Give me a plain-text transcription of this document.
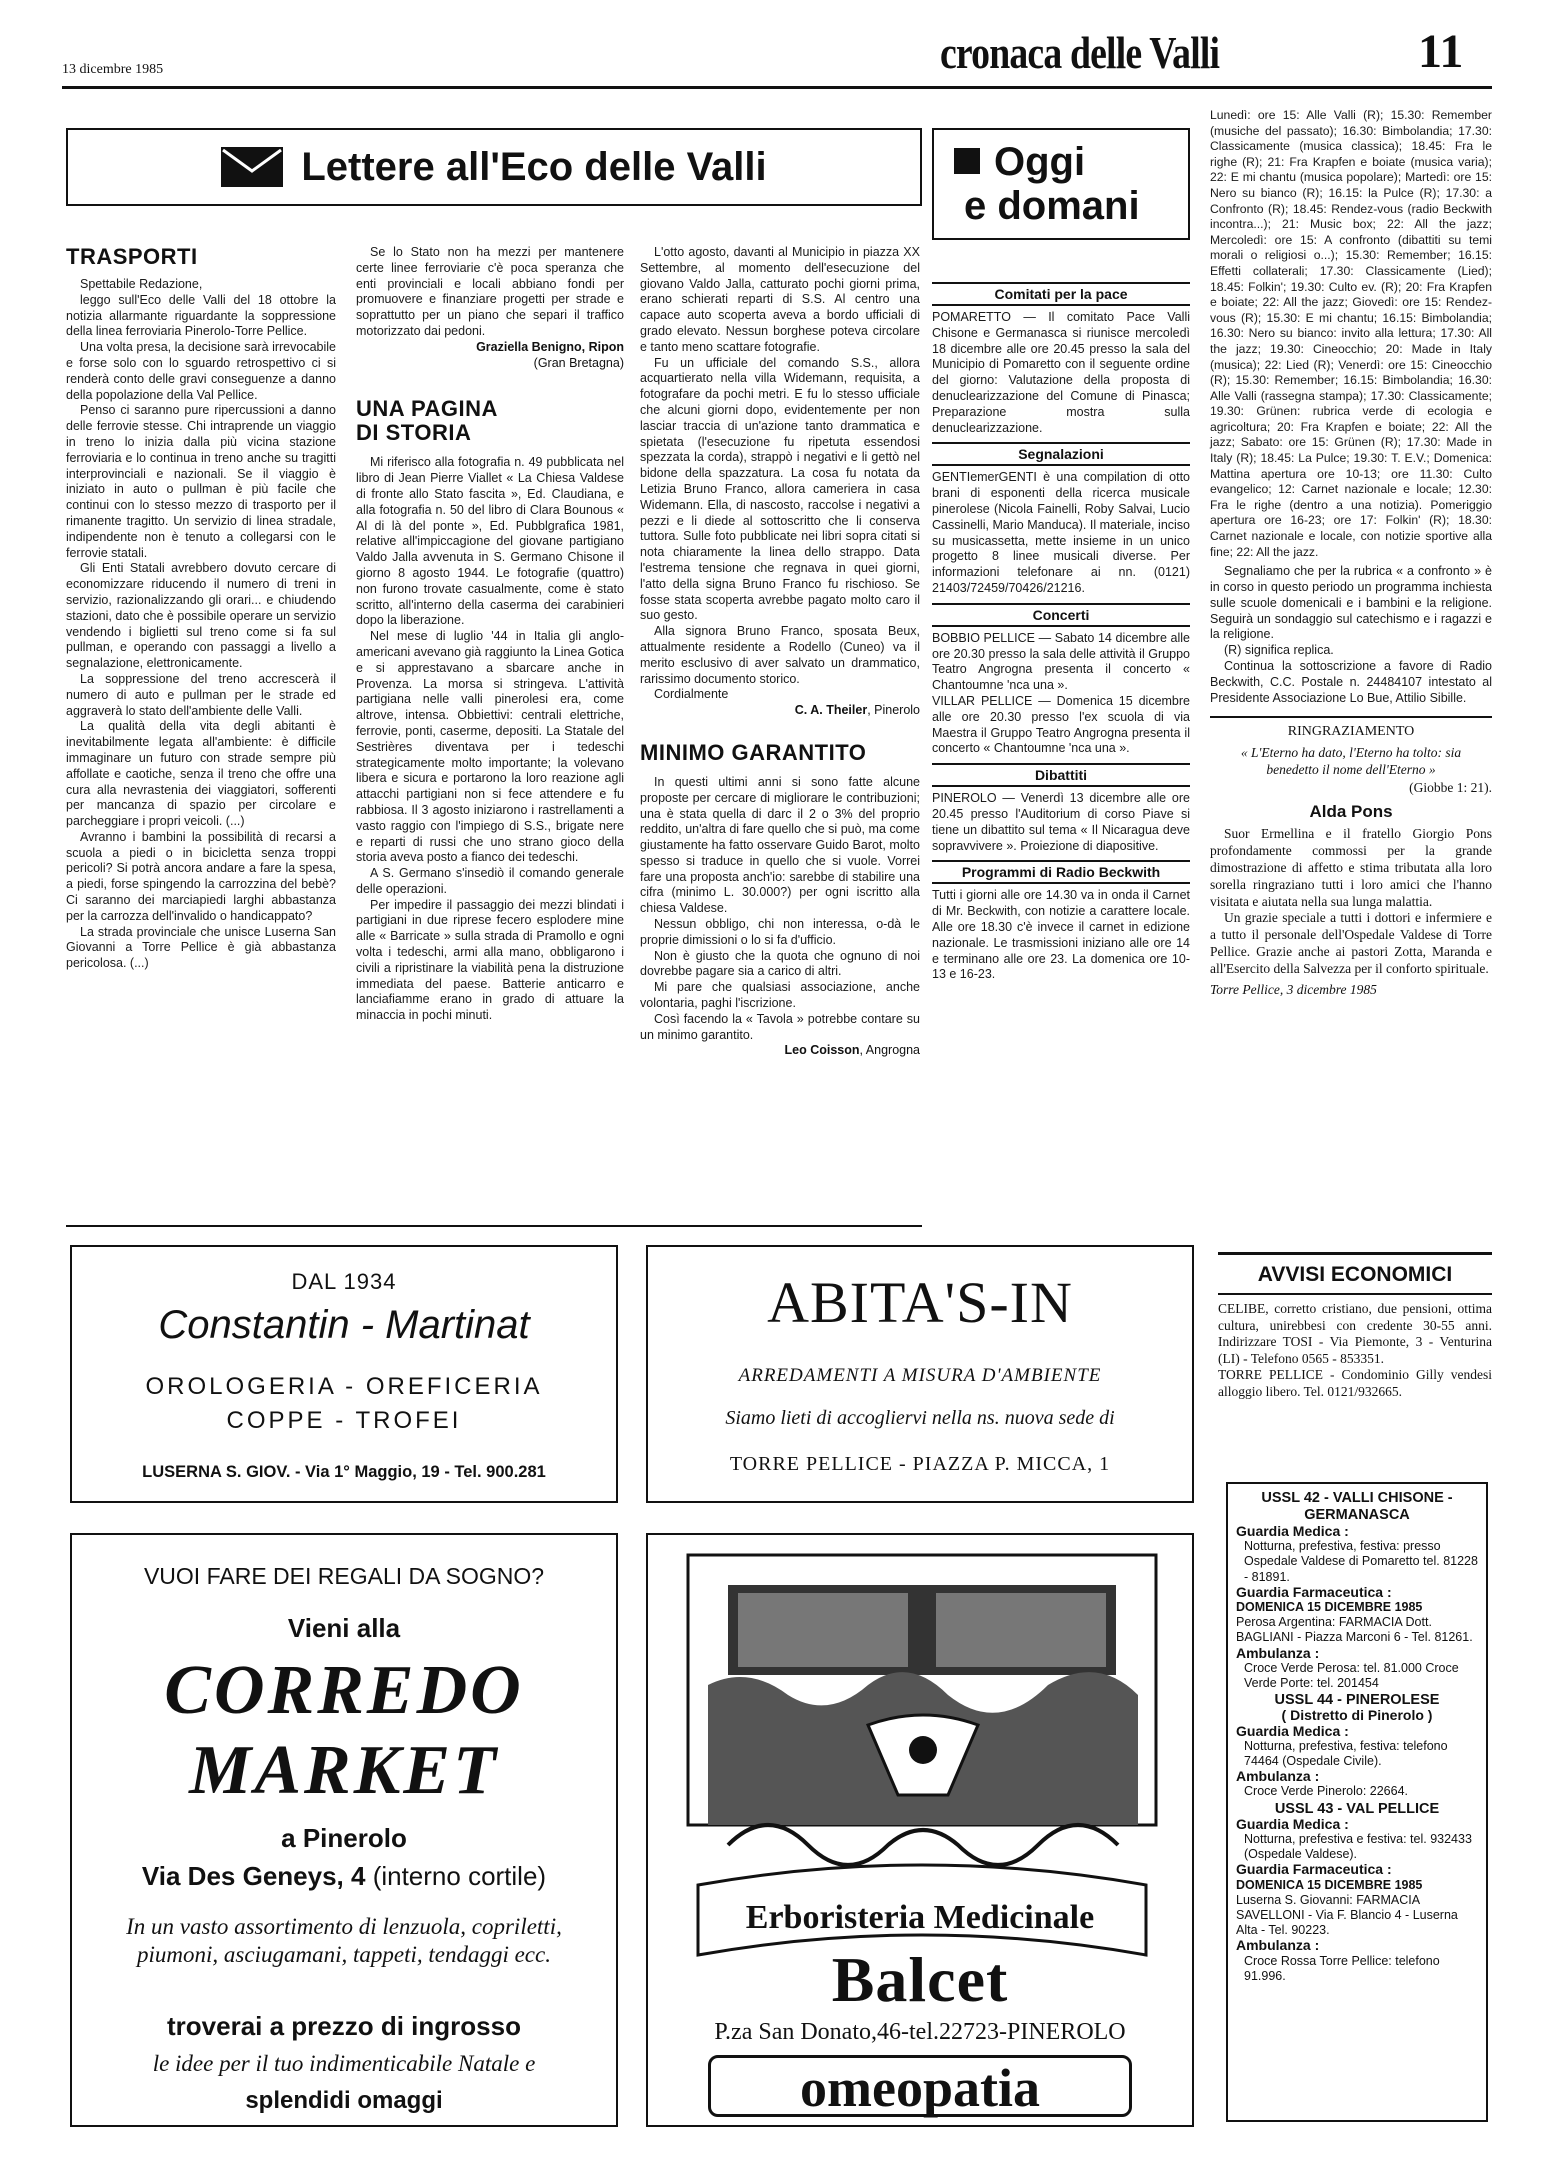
13 dicembre 1985	cronaca delle Valli	11
Lettere all'Eco delle Valli
TRASPORTI

Spettabile Redazione,

leggo sull'Eco delle Valli del 18 ottobre la notizia allarmante riguardante la soppressione della linea ferroviaria Pinerolo-Torre Pellice.

Una volta presa, la decisione sarà irrevocabile e forse solo con lo sguardo retrospettivo ci si renderà conto delle gravi conseguenze a danno della popolazione della Val Pellice.

Penso ci saranno pure ripercussioni a danno delle ferrovie stesse. Chi intraprende un viaggio in treno lo inizia dalla più vicina stazione ferroviaria e lo continua in treno anche su tragitti interprovinciali e nazionali. Se il viaggio è iniziato in auto o pullman è più facile che continui con lo stesso mezzo di trasporto per il rimanente tragitto. Un servizio di linea stradale, indipendente non è tenuto a collegarsi con le ferrovie statali.

Gli Enti Statali avrebbero dovuto cercare di economizzare riducendo il numero di treni in servizio, razionalizzando gli orari... e chiudendo stazioni, dato che è possibile operare un servizio vendendo i biglietti sul treno come si fa sul pullman, e operando con passaggi a livello a segnalazione, elettronicamente.

La soppressione del treno accrescerà il numero di auto e pullman per le strade ed aggraverà lo stato dell'ambiente delle Valli.

La qualità della vita degli abitanti è inevitabilmente legata all'ambiente: è difficile immaginare un futuro con strade sempre più affollate e caotiche, senza il treno che offre una cura alla nevrastenia dei viaggiatori, sofferenti per mancanza di spazio per circolare e parcheggiare i propri veicoli. (...)

Avranno i bambini la possibilità di recarsi a scuola a piedi o in bicicletta senza troppi pericoli? Si potrà ancora andare a fare la spesa, a piedi, forse spingendo la carrozzina del bebè? Ci saranno dei marciapiedi larghi abbastanza per la carrozza dell'invalido o handicappato?

La strada provinciale che unisce Luserna San Giovanni a Torre Pellice è già abbastanza pericolosa. (...)

Se lo Stato non ha mezzi per mantenere certe linee ferroviarie c'è poca speranza che enti provinciali e locali abbiano fondi per promuovere e finanziare progetti per strade e soprattutto per un piano che separi il traffico motorizzato dai pedoni.

Graziella Benigno, Ripon
(Gran Bretagna)
UNA PAGINA
DI STORIA

Mi riferisco alla fotografia n. 49 pubblicata nel libro di Jean Pierre Viallet « La Chiesa Valdese di fronte allo Stato fascita », Ed. Claudiana, e alla fotografia n. 50 del libro di Clara Bounous « Al di là del ponte », Ed. Pubblgrafica 1981, relative all'impiccagione del giovane partigiano Valdo Jalla avvenuta in S. Germano Chisone il giorno 8 agosto 1944. Le fotografie (quattro) non furono trovate casualmente, come è stato scritto, all'interno della caserma dei carabinieri dopo la liberazione.

Nel mese di luglio '44 in Italia gli anglo-americani avevano già raggiunto la Linea Gotica e si apprestavano a sbarcare anche in Provenza. La morsa si stringeva. L'attività partigiana nelle valli pinerolesi era, come altrove, intensa. Obbiettivi: centrali elettriche, ferrovie, ponti, caserme, depositi. La Statale del Sestrières diventava per i tedeschi strategicamente molto importante; la volevano libera e sicura e portarono la loro reazione agli attacchi partigiani non si fece attendere e fu rabbiosa. Il 3 agosto iniziarono i rastrellamenti a vasto raggio con l'impiego di S.S., brigate nere e reparti di russi che uno strano gioco della storia aveva posto a fianco dei tedeschi.

A S. Germano s'insediò il comando generale delle operazioni.

Per impedire il passaggio dei mezzi blindati i partigiani in due riprese fecero esplodere mine alle « Barricate » sulla strada di Pramollo e ogni volta i tedeschi, armi alla mano, obbligarono i civili a ripristinare la viabilità pena la distruzione immediata del paese. Batterie anticarro e lanciafiamme erano in grado di attuare la minaccia in pochi minuti.

L'otto agosto, davanti al Municipio in piazza XX Settembre, al momento dell'esecuzione del giovano Valdo Jalla, catturato pochi giorni prima, erano schierati reparti di S.S. Al centro una capace auto scoperta aveva a bordo ufficiali di grado elevato. Nessun borghese poteva circolare e tanto meno scattare fotografie.

Fu un ufficiale del comando S.S., allora acquartierato nella villa Widemann, requisita, a fotografare da pochi metri. E fu lo stesso ufficiale che alcuni giorni dopo, evidentemente per non lasciar traccia di un'azione tanto drammatica e spietata (l'esecuzione fu ripetuta essendosi spezzata la corda), strappò i negativi e li gettò nel bidone della spazzatura. La cosa fu notata da Letizia Bruno Franco, allora cameriera in casa Widemann. Ella, di nascosto, raccolse i negativi a pezzi e li diede al sottoscritto che li conserva tuttora. Sulle foto pubblicate nei libri sopra citati si nota chiaramente la linea dello strappo. Data l'estrema tensione che regnava in quei giorni, l'atto della signa Bruno Franco fu rischioso. Se fosse stata scoperta avrebbe pagato molto caro il suo gesto.

Alla signora Bruno Franco, sposata Beux, attualmente residente a Rodello (Cuneo) va il merito esclusivo di aver salvato un drammatico, rarissimo documento storico.

Cordialmente

C. A. Theiler, Pinerolo
MINIMO GARANTITO

In questi ultimi anni si sono fatte alcune proposte per cercare di migliorare le contribuzioni; una è stata quella di darc il 2 o 3% del proprio reddito, un'altra di fare quello che si può, ma come giustamente ha fatto osservare Guido Barot, molto spesso si traduce in quello che si vuole. Vorrei fare una proposta anch'io: sarebbe di stabilire una cifra (minimo L. 30.000?) per ogni iscritto alla chiesa Valdese.

Nessun obbligo, chi non interessa, o-dà le proprie dimissioni o lo si fa d'ufficio.

Non è giusto che la quota che ognuno di noi dovrebbe pagare sia a carico di altri.

Mi pare che qualsiasi associazione, anche volontaria, paghi l'iscrizione.

Così facendo la « Tavola » potrebbe contare su un minimo garantito.

Leo Coisson, Angrogna
Oggi
e domani
Comitati per la pace
POMARETTO — Il comitato Pace Valli Chisone e Germanasca si riunisce mercoledì 18 dicembre alle ore 20.45 presso la sala del Municipio di Pomaretto con il seguente ordine del giorno: Valutazione della proposta di denuclearizzazione del Comune di Pinasca; Preparazione mostra sulla denuclearizzazione.
Segnalazioni
GENTIemerGENTI è una compilation di otto brani di esponenti della ricerca musicale pinerolese (Nicola Fainelli, Roby Salvai, Lucio Cassinelli, Mario Manduca). Il materiale, inciso su musicassetta, mette insieme in un unico progetto 8 linee musicali diverse. Per informazioni telefonare ai nn. (0121) 21403/72459/70426/21216.
Concerti
BOBBIO PELLICE — Sabato 14 dicembre alle ore 20.30 presso la sala delle attività il Gruppo Teatro Angrogna presenta il concerto « Chantoumne 'nca una ».
VILLAR PELLICE — Domenica 15 dicembre alle ore 20.30 presso l'ex scuola di via Maestra il Gruppo Teatro Angrogna presenta il concerto « Chantoumne 'nca una ».
Dibattiti
PINEROLO — Venerdì 13 dicembre alle ore 20.45 presso l'Auditorium di corso Piave si tiene un dibattito sul tema « Il Nicaragua deve sopravvivere ». Proiezione di diapositive.
Programmi di Radio Beckwith
Tutti i giorni alle ore 14.30 va in onda il Carnet di Mr. Beckwith, con notizie a carattere locale. Alle ore 18.30 c'è invece il carnet in edizione nazionale. Le trasmissioni iniziano alle ore 14 e terminano alle ore 23. La domenica ore 10-13 e 16-23.
Lunedì: ore 15: Alle Valli (R); 15.30: Remember (musiche del passato); 16.30: Bimbolandia; 17.30: Classicamente (musica classica); 18.45: Fra le righe (R); 21: Fra Krapfen e boiate (musica varia); 22: E mi chantu (musica popolare); Martedì: ore 15: Nero su bianco (R); 16.15: la Pulce (R); 17.30: a Confronto (R); 18.45: Rendez-vous (radio Beckwith incontra...); 21: Music box; 22: All the jazz; Mercoledì: ore 15: A confronto (dibattiti su temi morali o religiosi o...); 15.30: Remember; 16.15: Effetti collaterali; 17.30: Classicamente (Lied); 18.45: Folkin'; 19.30: Culto ev. (R); 20: Fra Krapfen e boiate; 22: All the jazz; Giovedì: ore 15: Rendez-vous (R); 15.30: E mi chantu; 16.15: Bimbolandia; 16.30: Nero su bianco: invito alla lettura; 17.30: All the jazz; 19.30: Cineocchio; 20: Made in Italy (musica); 22: Lied (R); Venerdì: ore 15: Cineocchio (R); 15.30: Remember; 16.15: Bimbolandia; 16.30: Alle Valli (rassegna stampa); 17.30: Classicamente; 19.30: Grünen: rubrica verde di ecologia e agricoltura; 20: Fra Krapfen e boiate; 22: All the jazz; Sabato: ore 15: Grünen (R); 17.30: Made in Italy (R); 18.45: La Pulce; 19.30: T. E.V.; Domenica: Mattina apertura ore 10-13; ore 11.30: Culto evangelico; 12: Carnet nazionale e locale; 12.30: Fra le righe (dentro a una notizia). Pomeriggio apertura ore 16-23; ore 17: Folkin' (R); 18.30: Carnet nazionale e locale, con notizie sportive alla fine; 22: All the jazz.

Segnaliamo che per la rubrica « a confronto » è in corso in questo periodo un programma inchiesta sulle scuole domenicali e i bambini e la religione. Seguirà un sondaggio sul catechismo e i ragazzi e la religione.

(R) significa replica.

Continua la sottoscrizione a favore di Radio Beckwith, C.C. Postale n. 24484107 intestato al Presidente Associazione Lo Bue, Attilio Sibille.

RINGRAZIAMENTO
« L'Eterno ha dato, l'Eterno ha tolto: sia benedetto il nome dell'Eterno »
(Giobbe 1: 21).
Alda Pons

Suor Ermellina e il fratello Giorgio Pons profondamente commossi per la grande dimostrazione di affetto e stima tributata alla loro sorella ringraziano tutti i loro amici che l'hanno visitata e aiutata nella sua lunga malattia.

Un grazie speciale a tutti i dottori e infermiere e a tutto il personale dell'Ospedale Valdese di Torre Pellice. Grazie anche ai pastori Zotta, Maranda e all'Esercito della Salvezza per il conforto spirituale.

Torre Pellice, 3 dicembre 1985
AVVISI ECONOMICI

CELIBE, corretto cristiano, due pensioni, ottima cultura, unirebbesi con credente 30-55 anni. Indirizzare TOSI - Via Piemonte, 3 - Venturina (LI) - Telefono 0565 - 853351.

TORRE PELLICE - Condominio Gilly vendesi alloggio libero. Tel. 0121/932665.

USSL 42 - VALLI CHISONE - GERMANASCA
Guardia Medica :
Notturna, prefestiva, festiva: presso Ospedale Valdese di Pomaretto tel. 81228 - 81891.
Guardia Farmaceutica :
DOMENICA 15 DICEMBRE 1985
Perosa Argentina: FARMACIA Dott. BAGLIANI - Piazza Marconi 6 - Tel. 81261.
Ambulanza :
Croce Verde Perosa: tel. 81.000 Croce Verde Porte: tel. 201454
USSL 44 - PINEROLESE
( Distretto di Pinerolo )
Guardia Medica :
Notturna, prefestiva, festiva: telefono 74464 (Ospedale Civile).
Ambulanza :
Croce Verde Pinerolo: 22664.
USSL 43 - VAL PELLICE
Guardia Medica :
Notturna, prefestiva e festiva: tel. 932433 (Ospedale Valdese).
Guardia Farmaceutica :
DOMENICA 15 DICEMBRE 1985
Luserna S. Giovanni: FARMACIA SAVELLONI - Via F. Blancio 4 - Luserna Alta - Tel. 90223.
Ambulanza :
Croce Rossa Torre Pellice: telefono 91.996.
DAL 1934
Constantin - Martinat
OROLOGERIA - OREFICERIA
COPPE - TROFEI
LUSERNA S. GIOV. - Via 1° Maggio, 19 - Tel. 900.281
ABITA'S-IN
ARREDAMENTI A MISURA D'AMBIENTE
Siamo lieti di accogliervi nella ns. nuova sede di
TORRE PELLICE - PIAZZA P. MICCA, 1
VUOI FARE DEI REGALI DA SOGNO?
Vieni alla
CORREDO
MARKET
a Pinerolo
Via Des Geneys, 4 (interno cortile)
In un vasto assortimento di lenzuola, copriletti, piumoni, asciugamani, tappeti, tendaggi ecc.
troverai a prezzo di ingrosso
le idee per il tuo indimenticabile Natale e
splendidi omaggi
Erboristeria Medicinale
Balcet
P.za San Donato,46-tel.22723-PINEROLO
omeopatia
